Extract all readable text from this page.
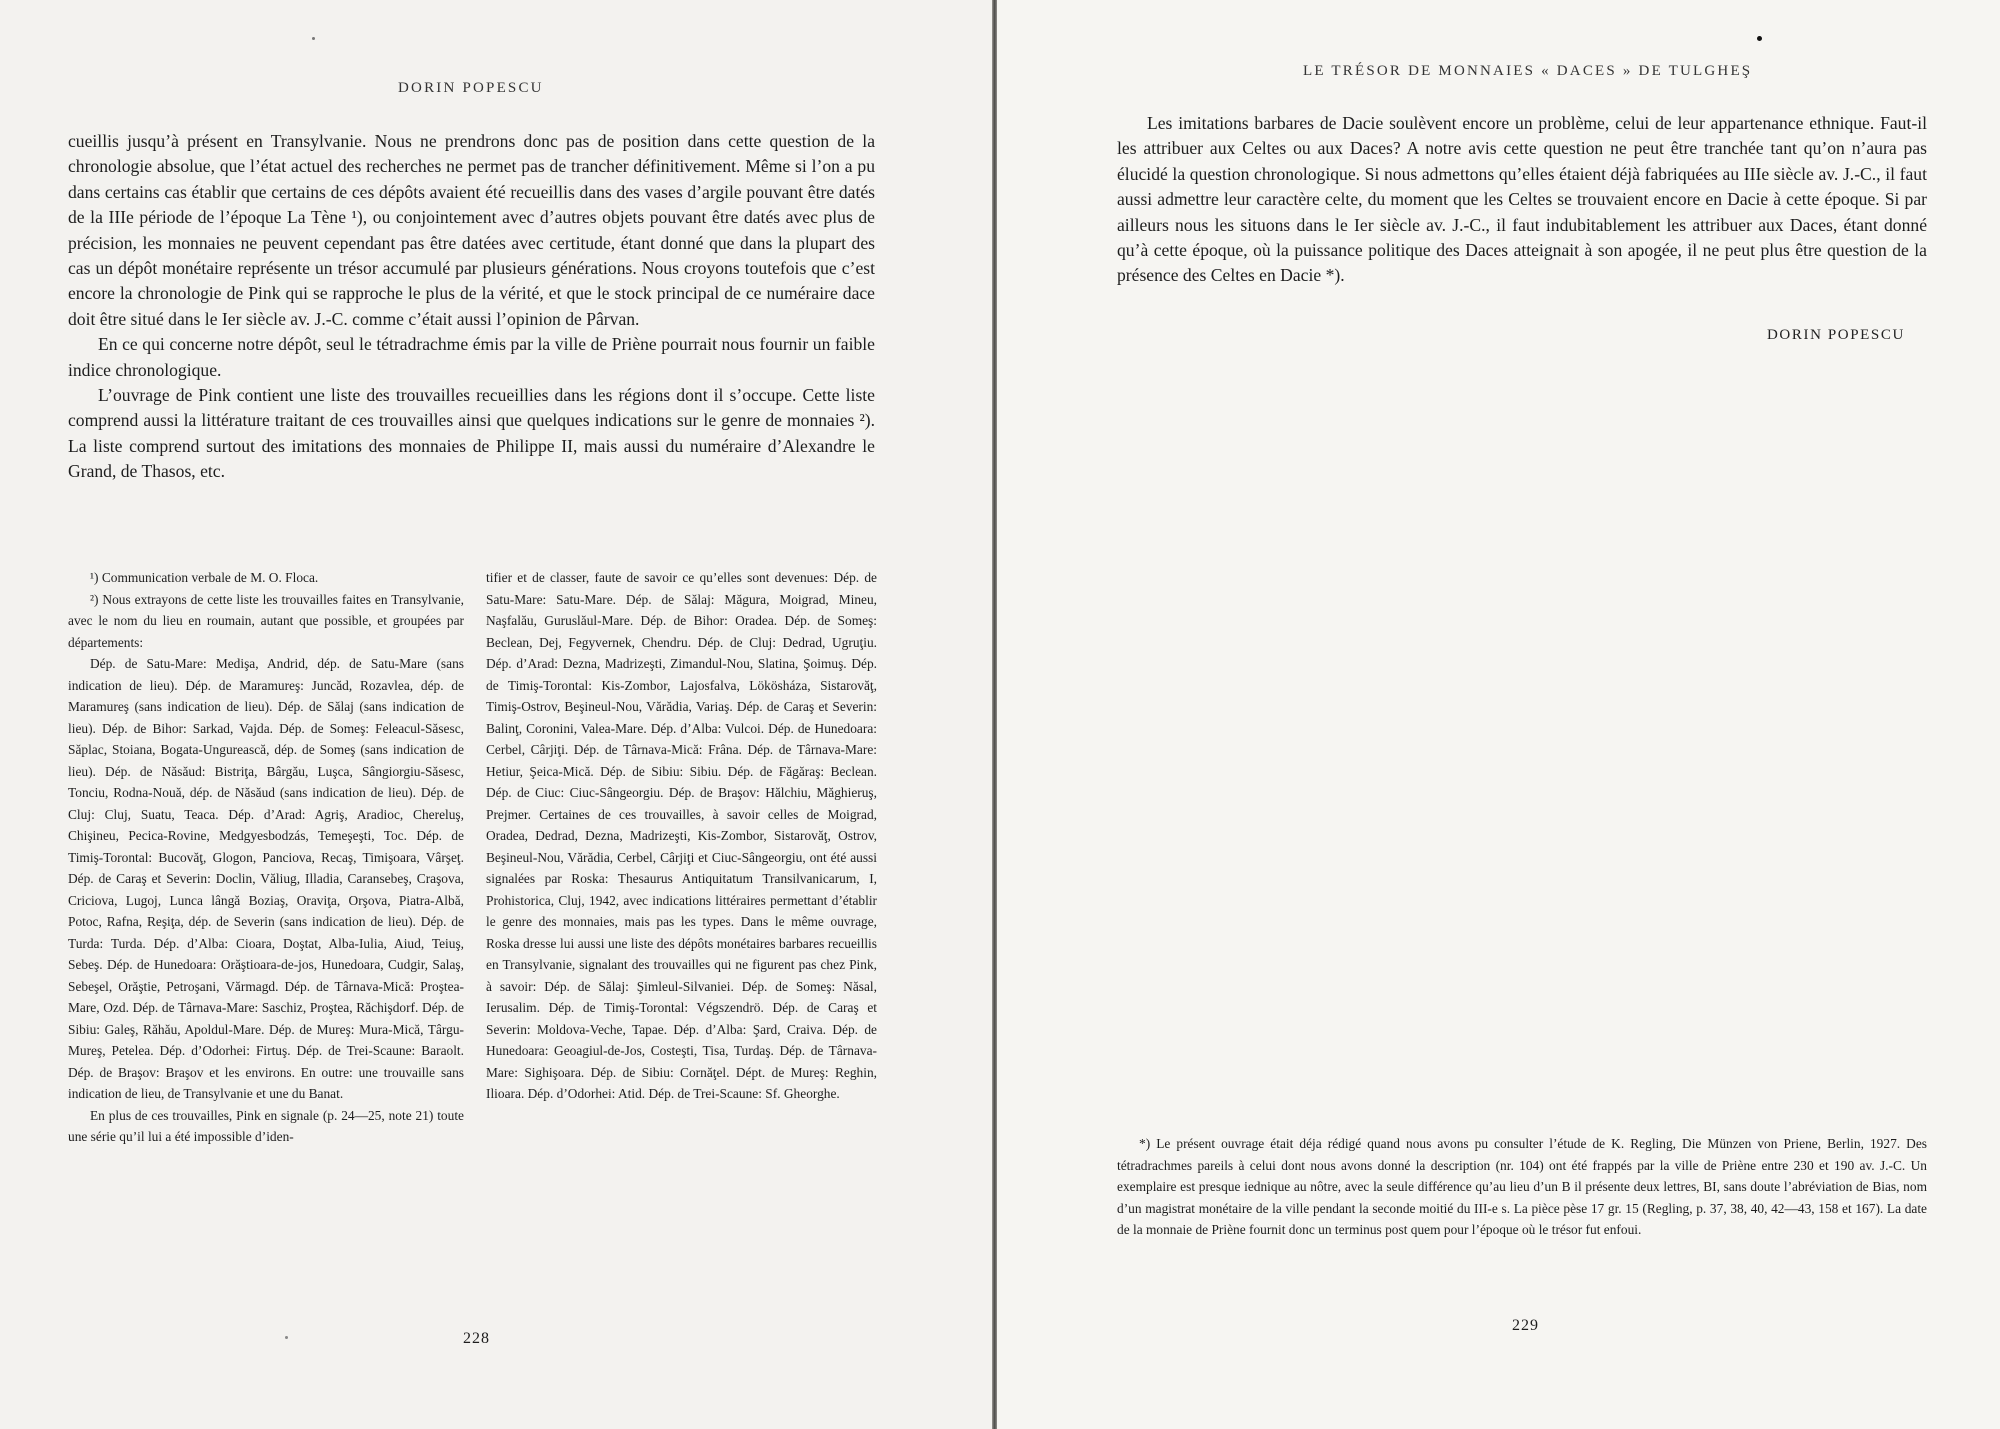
DORIN POPESCU

cueillis jusqu’à présent en Transylvanie. Nous ne prendrons donc pas de position dans cette question de la chronologie absolue, que l’état actuel des recherches ne permet pas de trancher définitivement. Même si l’on a pu dans certains cas établir que certains de ces dépôts avaient été recueillis dans des vases d’argile pouvant être datés de la IIIe période de l’époque La Tène ¹), ou conjointement avec d’autres objets pouvant être datés avec plus de précision, les monnaies ne peuvent cependant pas être datées avec certitude, étant donné que dans la plupart des cas un dépôt monétaire représente un trésor accumulé par plusieurs générations. Nous croyons toutefois que c’est encore la chronologie de Pink qui se rapproche le plus de la vérité, et que le stock principal de ce numéraire dace doit être situé dans le Ier siècle av. J.-C. comme c’était aussi l’opinion de Pârvan.

En ce qui concerne notre dépôt, seul le tétradrachme émis par la ville de Priène pourrait nous fournir un faible indice chronologique.

L’ouvrage de Pink contient une liste des trouvailles recueillies dans les régions dont il s’occupe. Cette liste comprend aussi la littérature traitant de ces trouvailles ainsi que quelques indications sur le genre de monnaies ²). La liste comprend surtout des imitations des monnaies de Philippe II, mais aussi du numéraire d’Alexandre le Grand, de Thasos, etc.

¹) Communication verbale de M. O. Floca.

²) Nous extrayons de cette liste les trouvailles faites en Transylvanie, avec le nom du lieu en roumain, autant que possible, et groupées par départements:

Dép. de Satu-Mare: Medişa, Andrid, dép. de Satu-Mare (sans indication de lieu). Dép. de Maramureş: Juncăd, Rozavlea, dép. de Maramureş (sans indication de lieu). Dép. de Sălaj (sans indication de lieu). Dép. de Bihor: Sarkad, Vajda. Dép. de Someş: Feleacul-Săsesc, Săplac, Stoiana, Bogata-Ungurească, dép. de Someş (sans indication de lieu). Dép. de Năsăud: Bistriţa, Bârgău, Luşca, Sângiorgiu-Săsesc, Tonciu, Rodna-Nouă, dép. de Năsăud (sans indication de lieu). Dép. de Cluj: Cluj, Suatu, Teaca. Dép. d’Arad: Agriş, Aradioc, Chereluş, Chişineu, Pecica-Rovine, Medgyesbodzás, Temeşeşti, Toc. Dép. de Timiş-Torontal: Bucovăţ, Glogon, Panciova, Recaş, Timişoara, Vârşeţ. Dép. de Caraş et Severin: Doclin, Văliug, Illadia, Caransebeş, Craşova, Criciova, Lugoj, Lunca lângă Boziaş, Oraviţa, Orşova, Piatra-Albă, Potoc, Rafna, Reşiţa, dép. de Severin (sans indication de lieu). Dép. de Turda: Turda. Dép. d’Alba: Cioara, Doştat, Alba-Iulia, Aiud, Teiuş, Sebeş. Dép. de Hunedoara: Orăştioara-de-jos, Hunedoara, Cudgir, Salaş, Sebeşel, Orăştie, Petroşani, Vărmagd. Dép. de Târnava-Mică: Proştea-Mare, Ozd. Dép. de Târnava-Mare: Saschiz, Proştea, Răchişdorf. Dép. de Sibiu: Galeş, Răhău, Apoldul-Mare. Dép. de Mureş: Mura-Mică, Târgu-Mureş, Petelea. Dép. d’Odorhei: Firtuş. Dép. de Trei-Scaune: Baraolt. Dép. de Braşov: Braşov et les environs. En outre: une trouvaille sans indication de lieu, de Transylvanie et une du Banat.

En plus de ces trouvailles, Pink en signale (p. 24—25, note 21) toute une série qu’il lui a été impossible d’iden-

tifier et de classer, faute de savoir ce qu’elles sont devenues: Dép. de Satu-Mare: Satu-Mare. Dép. de Sălaj: Măgura, Moigrad, Mineu, Naşfalău, Guruslăul-Mare. Dép. de Bihor: Oradea. Dép. de Someş: Beclean, Dej, Fegyvernek, Chendru. Dép. de Cluj: Dedrad, Ugruţiu. Dép. d’Arad: Dezna, Madrizeşti, Zimandul-Nou, Slatina, Şoimuş. Dép. de Timiş-Torontal: Kis-Zombor, Lajosfalva, Lökösháza, Sistarovăţ, Timiş-Ostrov, Beşineul-Nou, Vărădia, Variaş. Dép. de Caraş et Severin: Balinţ, Coronini, Valea-Mare. Dép. d’Alba: Vulcoi. Dép. de Hunedoara: Cerbel, Cârjiţi. Dép. de Târnava-Mică: Frâna. Dép. de Târnava-Mare: Hetiur, Şeica-Mică. Dép. de Sibiu: Sibiu. Dép. de Făgăraş: Beclean. Dép. de Ciuc: Ciuc-Sângeorgiu. Dép. de Braşov: Hălchiu, Măghieruş, Prejmer. Certaines de ces trouvailles, à savoir celles de Moigrad, Oradea, Dedrad, Dezna, Madrizeşti, Kis-Zombor, Sistarovăţ, Ostrov, Beşineul-Nou, Vărădia, Cerbel, Cârjiţi et Ciuc-Sângeorgiu, ont été aussi signalées par Roska: Thesaurus Antiquitatum Transilvanicarum, I, Prohistorica, Cluj, 1942, avec indications littéraires permettant d’établir le genre des monnaies, mais pas les types. Dans le même ouvrage, Roska dresse lui aussi une liste des dépôts monétaires barbares recueillis en Transylvanie, signalant des trouvailles qui ne figurent pas chez Pink, à savoir: Dép. de Sălaj: Şimleul-Silvaniei. Dép. de Someş: Năsal, Ierusalim. Dép. de Timiş-Torontal: Végszendrö. Dép. de Caraş et Severin: Moldova-Veche, Tapae. Dép. d’Alba: Şard, Craiva. Dép. de Hunedoara: Geoagiul-de-Jos, Costeşti, Tisa, Turdaş. Dép. de Târnava-Mare: Sighişoara. Dép. de Sibiu: Cornăţel. Dépt. de Mureş: Reghin, Ilioara. Dép. d’Odorhei: Atid. Dép. de Trei-Scaune: Sf. Gheorghe.

228
LE TRÉSOR DE MONNAIES « DACES » DE TULGHEŞ

Les imitations barbares de Dacie soulèvent encore un problème, celui de leur appartenance ethnique. Faut-il les attribuer aux Celtes ou aux Daces? A notre avis cette question ne peut être tranchée tant qu’on n’aura pas élucidé la question chronologique. Si nous admettons qu’elles étaient déjà fabriquées au IIIe siècle av. J.-C., il faut aussi admettre leur caractère celte, du moment que les Celtes se trouvaient encore en Dacie à cette époque. Si par ailleurs nous les situons dans le Ier siècle av. J.-C., il faut indubitablement les attribuer aux Daces, étant donné qu’à cette époque, où la puissance politique des Daces atteignait à son apogée, il ne peut plus être question de la présence des Celtes en Dacie *).

DORIN POPESCU

*) Le présent ouvrage était déja rédigé quand nous avons pu consulter l’étude de K. Regling, Die Münzen von Priene, Berlin, 1927. Des tétradrachmes pareils à celui dont nous avons donné la description (nr. 104) ont été frappés par la ville de Priène entre 230 et 190 av. J.-C. Un exemplaire est presque iednique au nôtre, avec la seule différence qu’au lieu d’un B il présente deux lettres, BI, sans doute l’abréviation de Bias, nom d’un magistrat monétaire de la ville pendant la seconde moitié du III-e s. La pièce pèse 17 gr. 15 (Regling, p. 37, 38, 40, 42—43, 158 et 167). La date de la monnaie de Priène fournit donc un terminus post quem pour l’époque où le trésor fut enfoui.

229
